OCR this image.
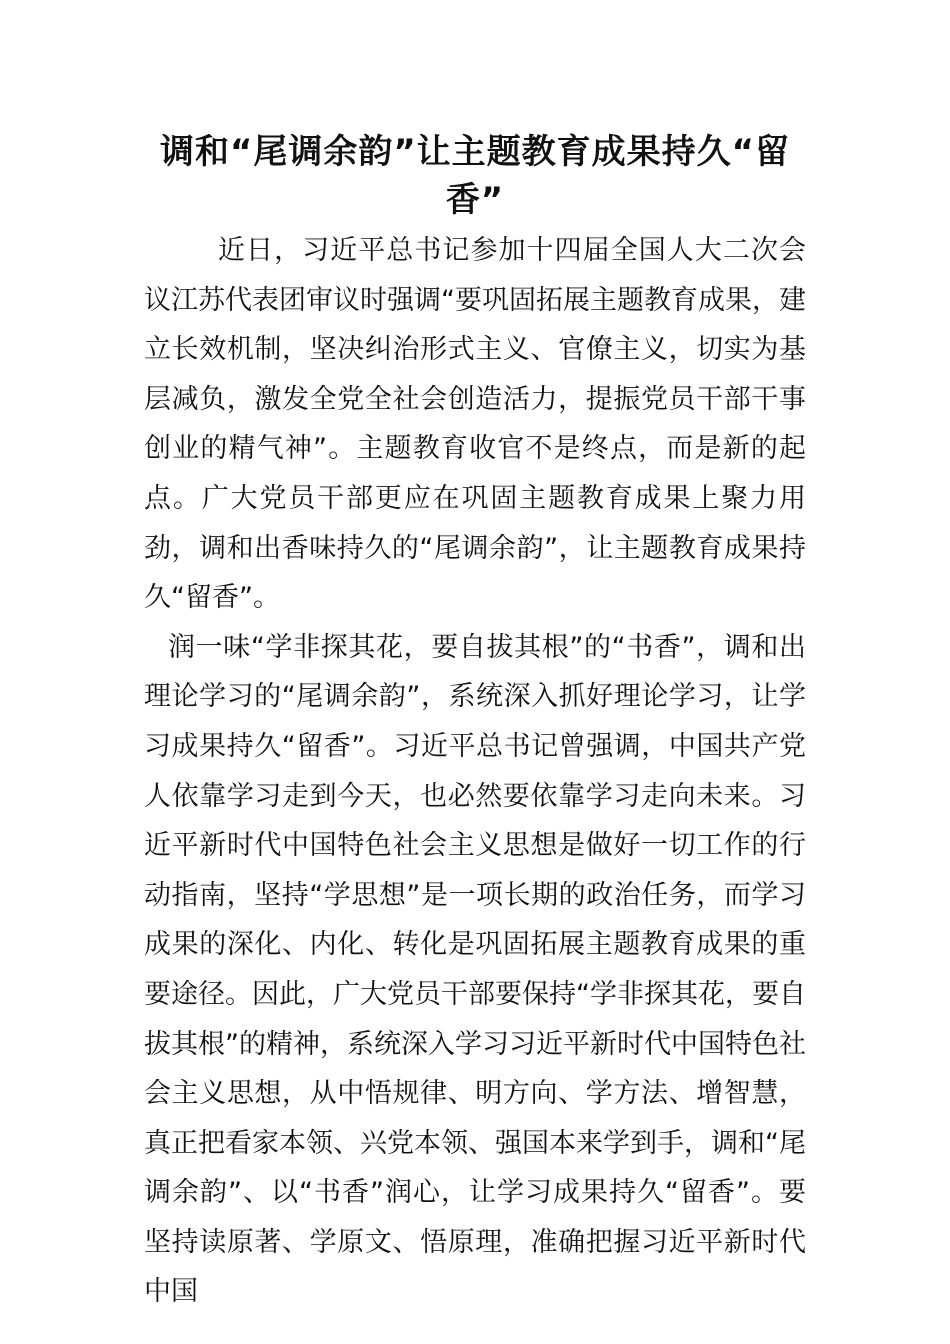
调和“尾调余韵”让主题教育成果持久“留香”

近日，习近平总书记参加十四届全国人大二次会议江苏代表团审议时强调“要巩固拓展主题教育成果，建立长效机制，坚决纠治形式主义、官僚主义，切实为基层减负，激发全党全社会创造活力，提振党员干部干事创业的精气神”。主题教育收官不是终点，而是新的起点。广大党员干部更应在巩固主题教育成果上聚力用劲，调和出香味持久的“尾调余韵”，让主题教育成果持久“留香”。

润一味“学非探其花，要自拔其根”的“书香”，调和出理论学习的“尾调余韵”，系统深入抓好理论学习，让学习成果持久“留香”。习近平总书记曾强调，中国共产党人依靠学习走到今天，也必然要依靠学习走向未来。习近平新时代中国特色社会主义思想是做好一切工作的行动指南，坚持“学思想”是一项长期的政治任务，而学习成果的深化、内化、转化是巩固拓展主题教育成果的重要途径。因此，广大党员干部要保持“学非探其花，要自拔其根”的精神，系统深入学习习近平新时代中国特色社会主义思想，从中悟规律、明方向、学方法、增智慧，真正把看家本领、兴党本领、强国本来学到手，调和“尾调余韵”、以“书香”润心，让学习成果持久“留香”。要坚持读原著、学原文、悟原理，准确把握习近平新时代中国
